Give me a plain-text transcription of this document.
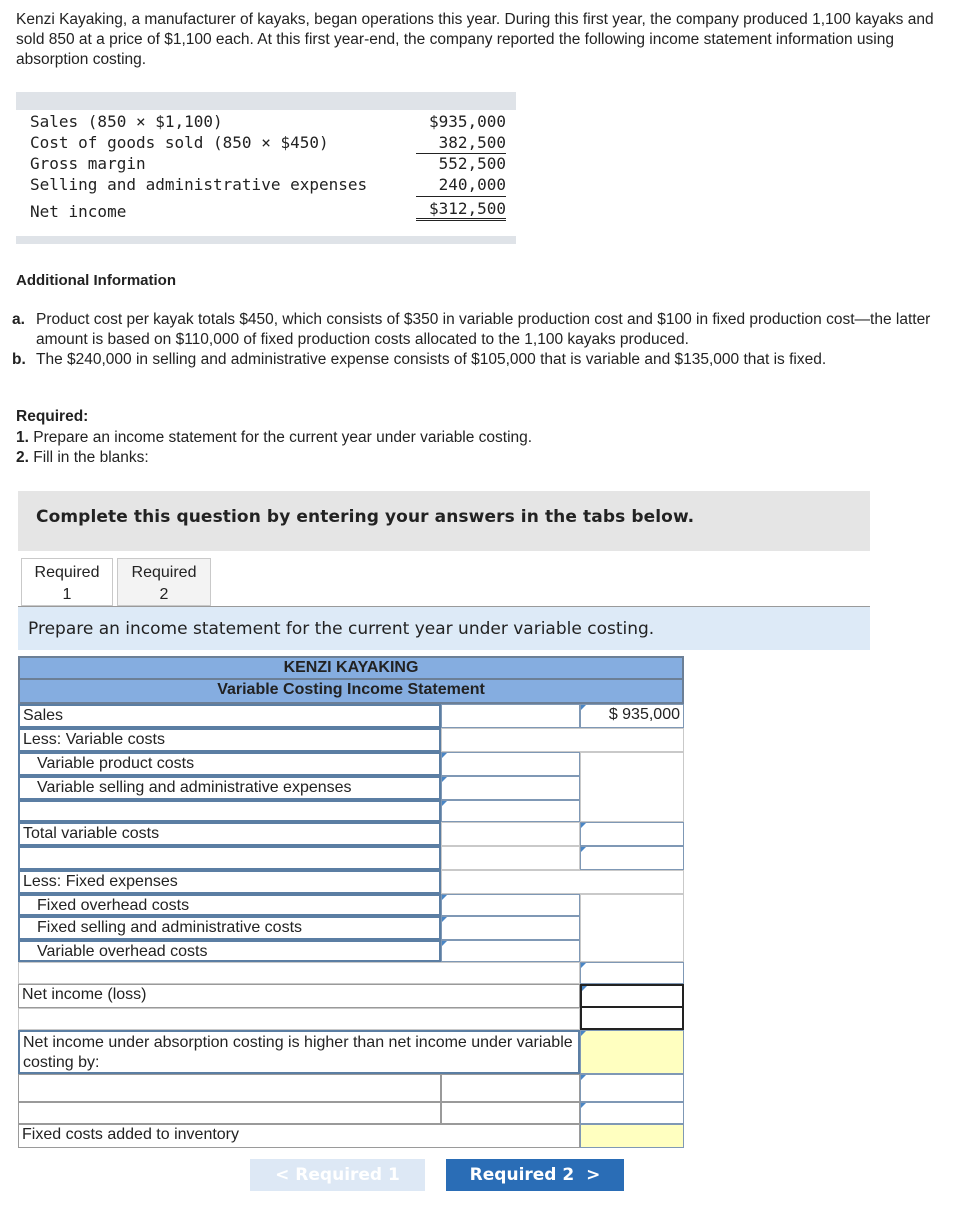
Kenzi Kayaking, a manufacturer of kayaks, began operations this year. During this first year, the company produced 1,100 kayaks and sold 850 at a price of $1,100 each. At this first year-end, the company reported the following income statement information using absorption costing.
Sales (850 × $1,100)	$935,000
Cost of goods sold (850 × $450)	382,500
Gross margin	552,500
Selling and administrative expenses	240,000
Net income	$312,500
Additional Information
a. Product cost per kayak totals $450, which consists of $350 in variable production cost and $100 in fixed production cost—the latter amount is based on $110,000 of fixed production costs allocated to the 1,100 kayaks produced.
b. The $240,000 in selling and administrative expense consists of $105,000 that is variable and $135,000 that is fixed.
Required:
1. Prepare an income statement for the current year under variable costing.
2. Fill in the blanks:
Complete this question by entering your answers in the tabs below.
Required
1
Required
2
Prepare an income statement for the current year under variable costing.
KENZI KAYAKING
Variable Costing Income Statement
Sales	$ 935,000
Less: Variable costs
Variable product costs
Variable selling and administrative expenses
Total variable costs
Less: Fixed expenses
Fixed overhead costs
Fixed selling and administrative costs
Variable overhead costs
Net income (loss)
Net income under absorption costing is higher than net income under variable costing by:
Fixed costs added to inventory
< Required 1	Required 2  >
